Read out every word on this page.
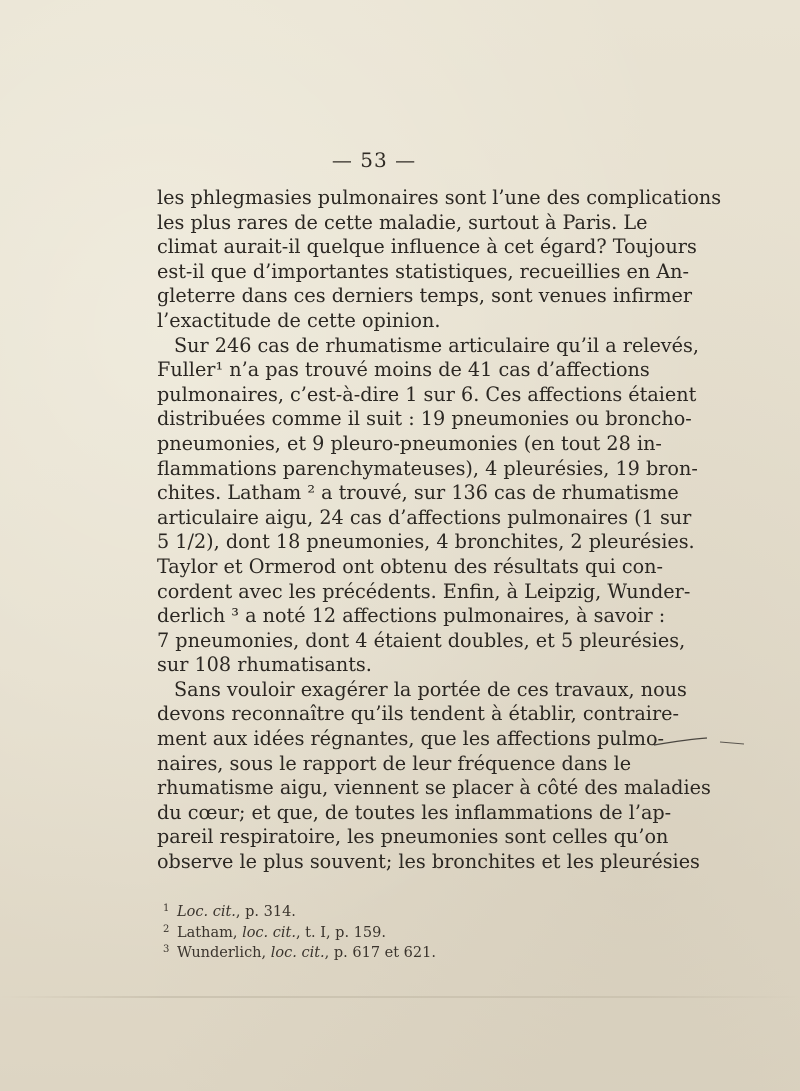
— 53 —

les phlegmasies pulmonaires sont l’une des complications
les plus rares de cette maladie, surtout à Paris. Le
climat aurait-il quelque influence à cet égard? Toujours
est-il que d’importantes statistiques, recueillies en An-
gleterre dans ces derniers temps, sont venues infirmer
l’exactitude de cette opinion.

Sur 246 cas de rhumatisme articulaire qu’il a relevés,
Fuller¹ n’a pas trouvé moins de 41 cas d’affections
pulmonaires, c’est-à-dire 1 sur 6. Ces affections étaient
distribuées comme il suit : 19 pneumonies ou broncho-
pneumonies, et 9 pleuro-pneumonies (en tout 28 in-
flammations parenchymateuses), 4 pleurésies, 19 bron-
chites. Latham ² a trouvé, sur 136 cas de rhumatisme
articulaire aigu, 24 cas d’affections pulmonaires (1 sur
5 1/2), dont 18 pneumonies, 4 bronchites, 2 pleurésies.
Taylor et Ormerod ont obtenu des résultats qui con-
cordent avec les précédents. Enfin, à Leipzig, Wunder-
derlich ³ a noté 12 affections pulmonaires, à savoir :
7 pneumonies, dont 4 étaient doubles, et 5 pleurésies,
sur 108 rhumatisants.

Sans vouloir exagérer la portée de ces travaux, nous
devons reconnaître qu’ils tendent à établir, contraire-
ment aux idées régnantes, que les affections pulmo-
naires, sous le rapport de leur fréquence dans le
rhumatisme aigu, viennent se placer à côté des maladies
du cœur; et que, de toutes les inflammations de l’ap-
pareil respiratoire, les pneumonies sont celles qu’on
observe le plus souvent; les bronchites et les pleurésies

1 Loc. cit., p. 314.
2 Latham, loc. cit., t. I, p. 159.
3 Wunderlich, loc. cit., p. 617 et 621.
